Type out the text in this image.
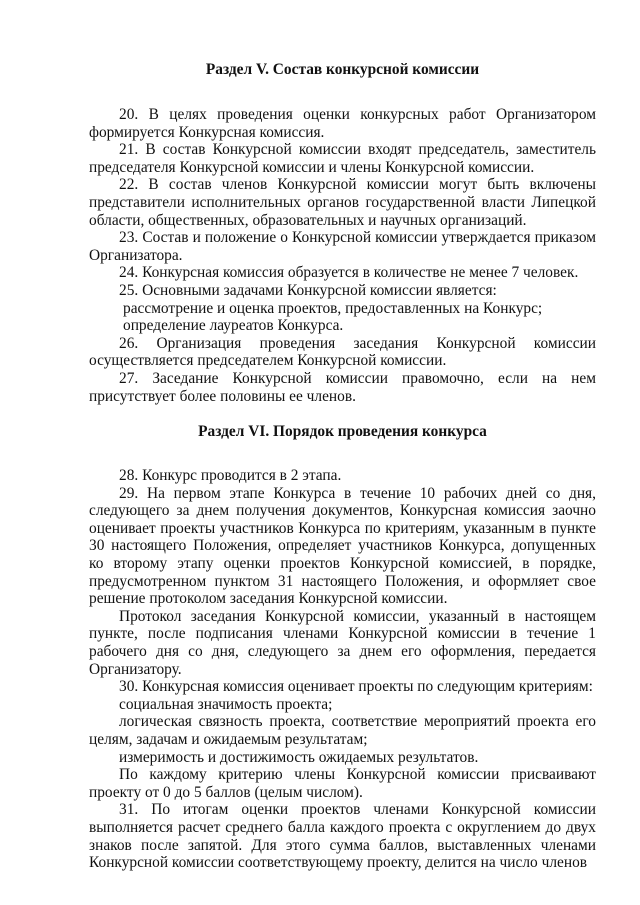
Раздел V. Состав конкурсной комиссии

20. В целях проведения оценки конкурсных работ Организатором формируется Конкурсная комиссия.

21. В состав Конкурсной комиссии входят председатель, заместитель председателя Конкурсной комиссии и члены Конкурсной комиссии.

22. В состав членов Конкурсной комиссии могут быть включены представители исполнительных органов государственной власти Липецкой области, общественных, образовательных и научных организаций.

23. Состав и положение о Конкурсной комиссии утверждается приказом Организатора.

24. Конкурсная комиссия образуется в количестве не менее 7 человек.

25. Основными задачами Конкурсной комиссии является:

рассмотрение и оценка проектов, предоставленных на Конкурс;

определение лауреатов Конкурса.

26. Организация проведения заседания Конкурсной комиссии осуществляется председателем Конкурсной комиссии.

27. Заседание Конкурсной комиссии правомочно, если на нем присутствует более половины ее членов.

Раздел VI. Порядок проведения конкурса

28. Конкурс проводится в 2 этапа.

29. На первом этапе Конкурса в течение 10 рабочих дней со дня, следующего за днем получения документов, Конкурсная комиссия заочно оценивает проекты участников Конкурса по критериям, указанным в пункте 30 настоящего Положения, определяет участников Конкурса, допущенных ко второму этапу оценки проектов Конкурсной комиссией, в порядке, предусмотренном пунктом 31 настоящего Положения, и оформляет свое решение протоколом заседания Конкурсной комиссии.

Протокол заседания Конкурсной комиссии, указанный в настоящем пункте, после подписания членами Конкурсной комиссии в течение 1 рабочего дня со дня, следующего за днем его оформления, передается Организатору.

30. Конкурсная комиссия оценивает проекты по следующим критериям:

социальная значимость проекта;

логическая связность проекта, соответствие мероприятий проекта его целям, задачам и ожидаемым результатам;

измеримость и достижимость ожидаемых результатов.

По каждому критерию члены Конкурсной комиссии присваивают проекту от 0 до 5 баллов (целым числом).

31. По итогам оценки проектов членами Конкурсной комиссии выполняется расчет среднего балла каждого проекта с округлением до двух знаков после запятой. Для этого сумма баллов, выставленных членами Конкурсной комиссии соответствующему проекту, делится на число членов
